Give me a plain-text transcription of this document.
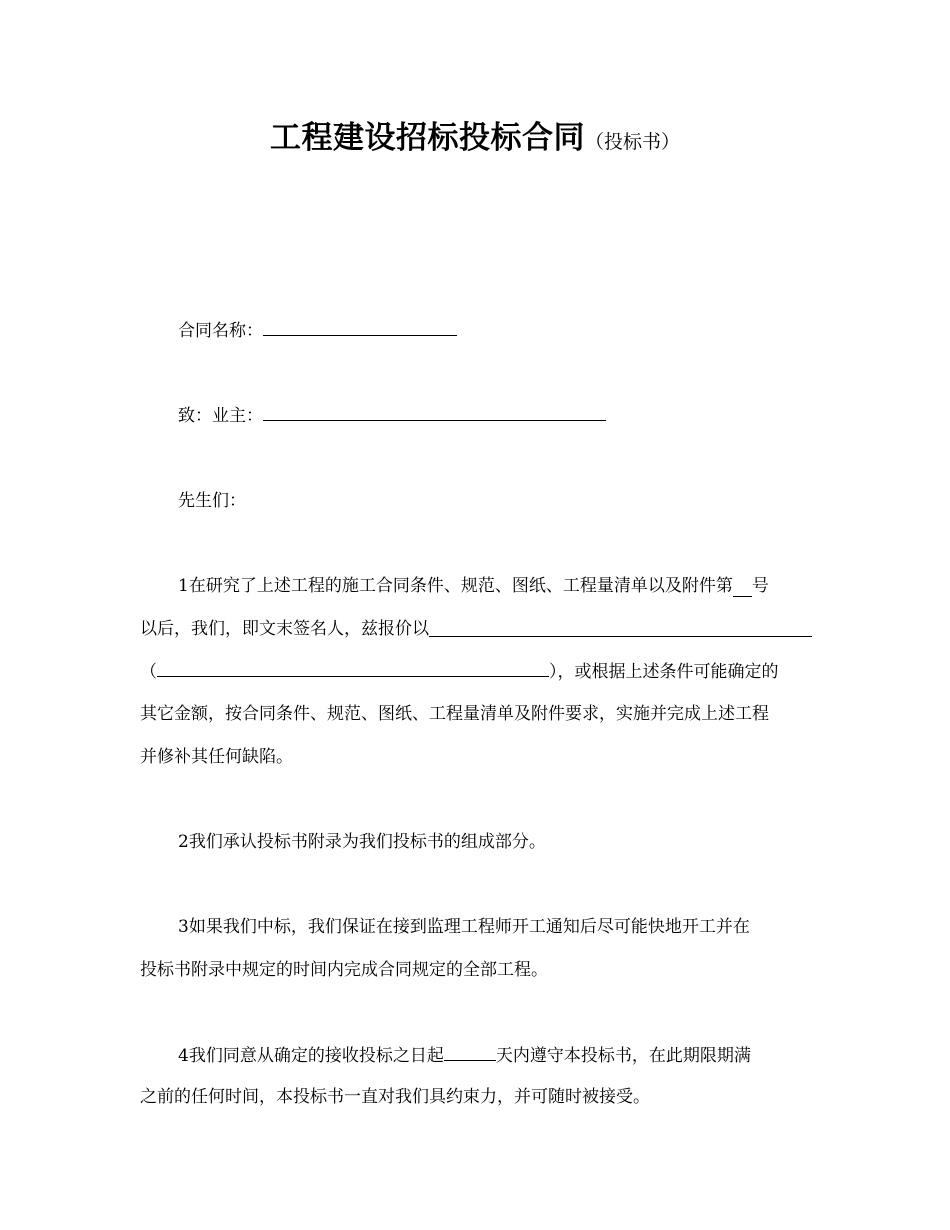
工程建设招标投标合同（投标书）
合同名称：
致：业主：
先生们：
1在研究了上述工程的施工合同条件、规范、图纸、工程量清单以及附件第 号
以后，我们，即文末签名人，兹报价以
（	），或根据上述条件可能确定的
其它金额，按合同条件、规范、图纸、工程量清单及附件要求，实施并完成上述工程
并修补其任何缺陷。
2我们承认投标书附录为我们投标书的组成部分。
3如果我们中标，我们保证在接到监理工程师开工通知后尽可能快地开工并在
投标书附录中规定的时间内完成合同规定的全部工程。
4我们同意从确定的接收投标之日起	天内遵守本投标书，在此期限期满
之前的任何时间，本投标书一直对我们具约束力，并可随时被接受。
